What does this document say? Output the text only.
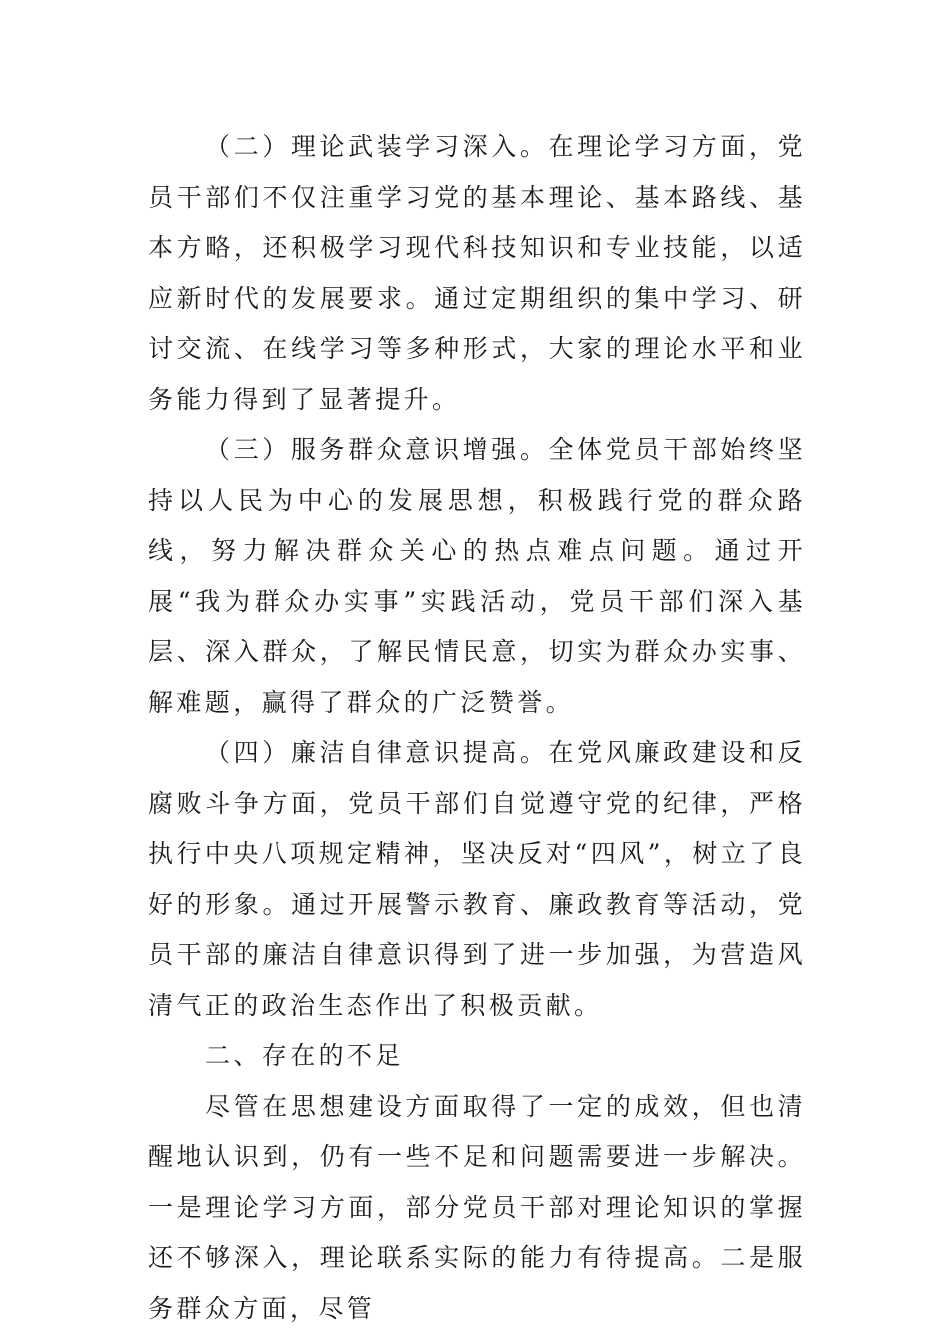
（二）理论武装学习深入。在理论学习方面，党员干部们不仅注重学习党的基本理论、基本路线、基本方略，还积极学习现代科技知识和专业技能，以适应新时代的发展要求。通过定期组织的集中学习、研讨交流、在线学习等多种形式，大家的理论水平和业务能力得到了显著提升。

（三）服务群众意识增强。全体党员干部始终坚持以人民为中心的发展思想，积极践行党的群众路线，努力解决群众关心的热点难点问题。通过开展“我为群众办实事”实践活动，党员干部们深入基层、深入群众，了解民情民意，切实为群众办实事、解难题，赢得了群众的广泛赞誉。

（四）廉洁自律意识提高。在党风廉政建设和反腐败斗争方面，党员干部们自觉遵守党的纪律，严格执行中央八项规定精神，坚决反对“四风”，树立了良好的形象。通过开展警示教育、廉政教育等活动，党员干部的廉洁自律意识得到了进一步加强，为营造风清气正的政治生态作出了积极贡献。

二、存在的不足

尽管在思想建设方面取得了一定的成效，但也清醒地认识到，仍有一些不足和问题需要进一步解决。一是理论学习方面，部分党员干部对理论知识的掌握还不够深入，理论联系实际的能力有待提高。二是服务群众方面，尽管
